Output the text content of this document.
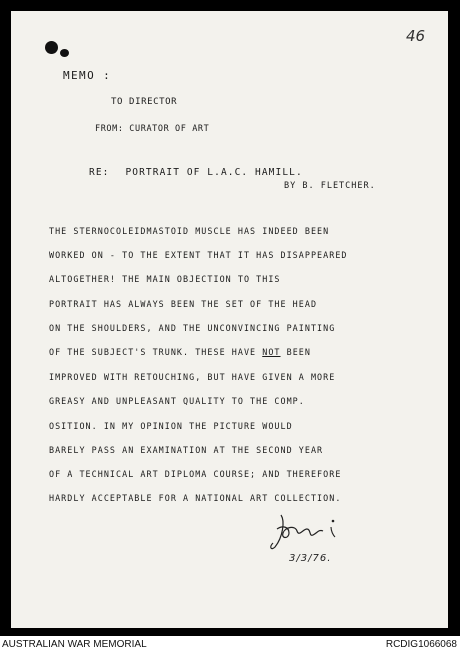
46

MEMO :

TO DIRECTOR

FROM: CURATOR OF ART

RE: PORTRAIT OF L.A.C. HAMILL.

BY B. FLETCHER.

THE STERNOCOLEIDMASTOID MUSCLE HAS INDEED BEEN

WORKED ON - TO THE EXTENT THAT IT HAS DISAPPEARED

ALTOGETHER! THE MAIN OBJECTION TO THIS

PORTRAIT HAS ALWAYS BEEN THE SET OF THE HEAD

ON THE SHOULDERS, AND THE UNCONVINCING PAINTING

OF THE SUBJECT'S TRUNK. THESE HAVE NOT BEEN

IMPROVED WITH RETOUCHING, BUT HAVE GIVEN A MORE

GREASY AND UNPLEASANT QUALITY TO THE COMP.

OSITION. IN MY OPINION THE PICTURE WOULD

BARELY PASS AN EXAMINATION AT THE SECOND YEAR

OF A TECHNICAL ART DIPLOMA COURSE; AND THEREFORE

HARDLY ACCEPTABLE FOR A NATIONAL ART COLLECTION.

3/3/76.
AUSTRALIAN WAR MEMORIAL	RCDIG1066068
